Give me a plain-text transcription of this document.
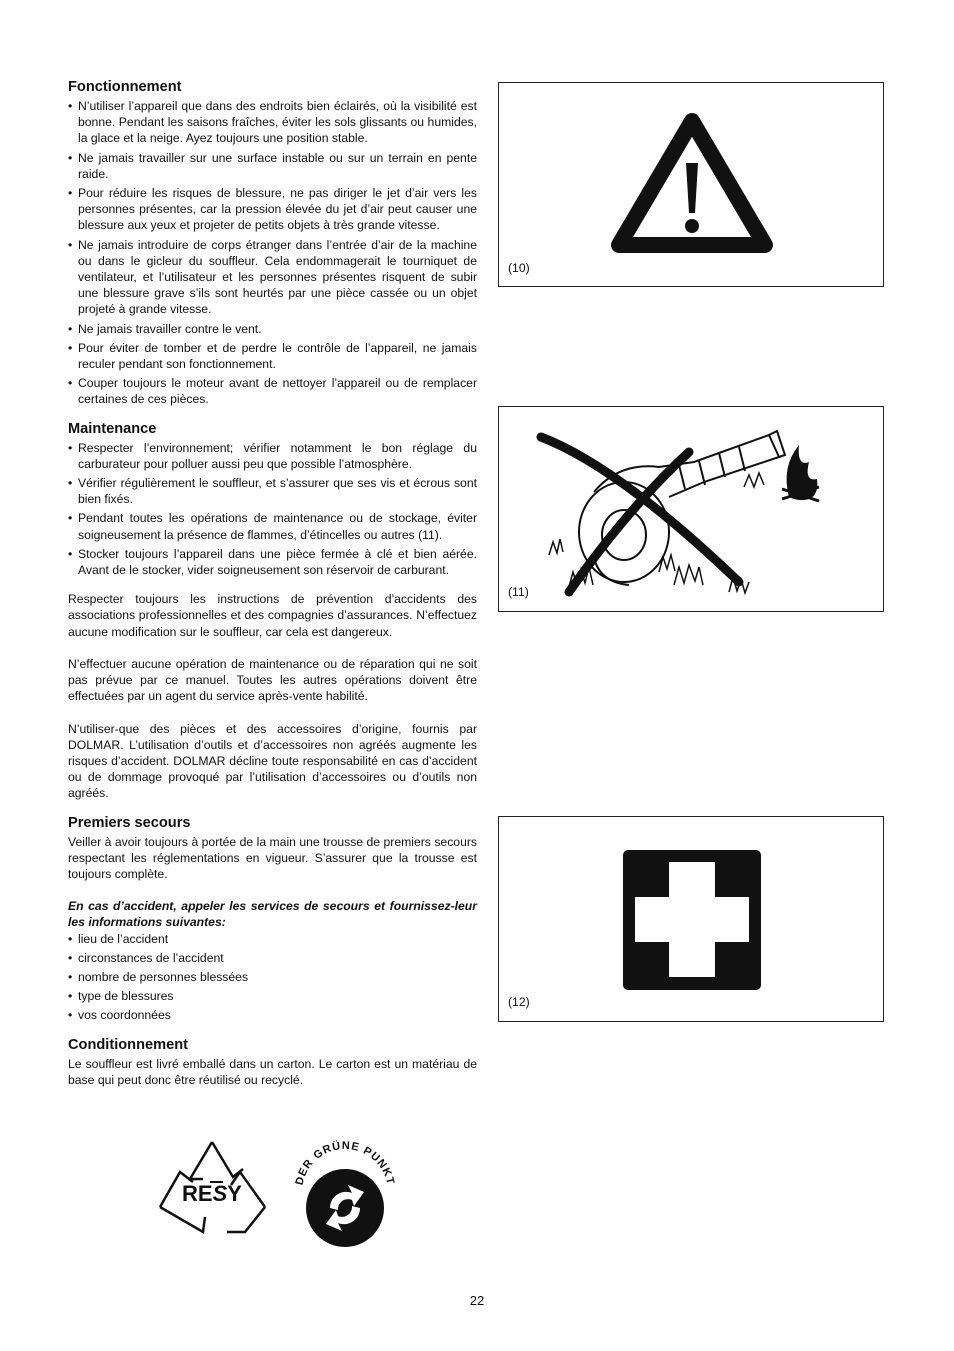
Fonctionnement
• N’utiliser l’appareil que dans des endroits bien éclairés, où la visibilité est bonne. Pendant les saisons fraîches, éviter les sols glissants ou humides, la glace et la neige. Ayez toujours une position stable.
• Ne jamais travailler sur une surface instable ou sur un terrain en pente raide.
• Pour réduire les risques de blessure, ne pas diriger le jet d’air vers les personnes présentes, car la pression élevée du jet d’air peut causer une blessure aux yeux et projeter de petits objets à très grande vitesse.
• Ne jamais introduire de corps étranger dans l’entrée d’air de la machine ou dans le gicleur du souffleur. Cela endommagerait le tourniquet de ventilateur, et l’utilisateur et les personnes présentes risquent de subir une blessure grave s’ils sont heurtés par une pièce cassée ou un objet projeté à grande vitesse.
• Ne jamais travailler contre le vent.
• Pour éviter de tomber et de perdre le contrôle de l’appareil, ne jamais reculer pendant son fonctionnement.
• Couper toujours le moteur avant de nettoyer l’appareil ou de remplacer certaines de ces pièces.
Maintenance
• Respecter l’environnement; vérifier notamment le bon réglage du carburateur pour polluer aussi peu que possible l’atmosphère.
• Vérifier régulièrement le souffleur, et s’assurer que ses vis et écrous sont bien fixés.
• Pendant toutes les opérations de maintenance ou de stockage, éviter soigneusement la présence de flammes, d’étincelles ou autres (11).
• Stocker toujours l’appareil dans une pièce fermée à clé et bien aérée. Avant de le stocker, vider soigneusement son réservoir de carburant.

Respecter toujours les instructions de prévention d’accidents des associations professionnelles et des compagnies d’assurances. N’effectuez aucune modification sur le souffleur, car cela est dangereux.

N’effectuer aucune opération de maintenance ou de réparation qui ne soit pas prévue par ce manuel. Toutes les autres opérations doivent être effectuées par un agent du service après-vente habilité.

N’utiliser-que des pièces et des accessoires d’origine, fournis par DOLMAR. L’utilisation d’outils et d’accessoires non agréés augmente les risques d’accident. DOLMAR décline toute responsabilité en cas d’accident ou de dommage provoqué par l’utilisation d’accessoires ou d’outils non agréés.

Premiers secours

Veiller à avoir toujours à portée de la main une trousse de premiers secours respectant les réglementations en vigueur. S’assurer que la trousse est toujours complète.

En cas d’accident, appeler les services de secours et fournissez-leur les informations suivantes:

• lieu de l’accident
• circonstances de l’accident
• nombre de personnes blessées
• type de blessures
• vos coordonnées
Conditionnement

Le souffleur est livré emballé dans un carton. Le carton est un matériau de base qui peut donc être réutilisé ou recyclé.

(10)
(11)
(12)
RESY
DER GRÜNE PUNKT
22
